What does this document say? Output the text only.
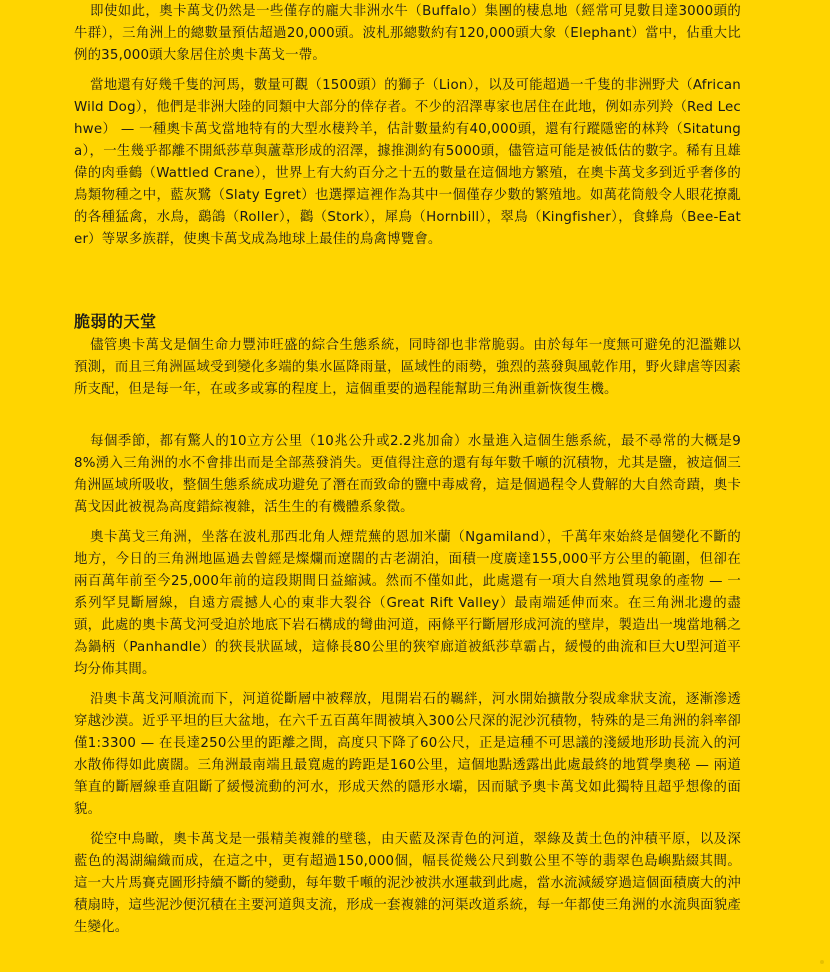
即使如此，奧卡萬戈仍然是一些僅存的龐大非洲水牛（Buffalo）集團的棲息地（經常可見數目達3000頭的牛群），三角洲上的總數量預估超過20,000頭。波札那總數約有120,000頭大象（Elephant）當中，佔重大比例的35,000頭大象居住於奧卡萬戈一帶。

當地還有好幾千隻的河馬，數量可觀（1500頭）的獅子（Lion），以及可能超過一千隻的非洲野犬（African Wild Dog），他們是非洲大陸的同類中大部分的倖存者。不少的沼澤專家也居住在此地，例如赤列羚（Red Lechwe） — 一種奧卡萬戈當地特有的大型水棲羚羊，估計數量約有40,000頭，還有行蹤隱密的林羚（Sitatunga），一生幾乎都離不開紙莎草與蘆葦形成的沼澤，據推測約有5000頭，儘管這可能是被低估的數字。稀有且雄偉的肉垂鶴（Wattled Crane），世界上有大約百分之十五的數量在這個地方繁殖，在奧卡萬戈多到近乎奢侈的鳥類物種之中，藍灰鷺（Slaty Egret）也選擇這裡作為其中一個僅存少數的繁殖地。如萬花筒般令人眼花撩亂的各種猛禽，水鳥，鷂鴿（Roller），鸛（Stork），犀鳥（Hornbill），翠鳥（Kingfisher），食蜂鳥（Bee-Eater）等眾多族群，使奧卡萬戈成為地球上最佳的鳥禽博覽會。

脆弱的天堂

儘管奧卡萬戈是個生命力豐沛旺盛的綜合生態系統，同時卻也非常脆弱。由於每年一度無可避免的氾濫難以預測，而且三角洲區域受到變化多端的集水區降雨量，區域性的雨勢，強烈的蒸發與風乾作用，野火肆虐等因素所支配，但是每一年，在或多或寡的程度上，這個重要的過程能幫助三角洲重新恢復生機。

每個季節，都有驚人的10立方公里（10兆公升或2.2兆加侖）水量進入這個生態系統，最不尋常的大概是98%湧入三角洲的水不會排出而是全部蒸發消失。更值得注意的還有每年數千噸的沉積物，尤其是鹽，被這個三角洲區域所吸收，整個生態系統成功避免了潛在而致命的鹽中毒威脅，這是個過程令人費解的大自然奇蹟，奧卡萬戈因此被視為高度錯綜複雜，活生生的有機體系象徵。

奧卡萬戈三角洲，坐落在波札那西北角人煙荒蕪的恩加米蘭（Ngamiland），千萬年來始終是個變化不斷的地方，今日的三角洲地區過去曾經是燦爛而遼闊的古老湖泊，面積一度廣達155,000平方公里的範圍，但卻在兩百萬年前至今25,000年前的這段期間日益縮減。然而不僅如此，此處還有一項大自然地質現象的產物 — 一系列罕見斷層線，自遠方震撼人心的東非大裂谷（Great Rift Valley）最南端延伸而來。在三角洲北邊的盡頭，此處的奧卡萬戈河受迫於地底下岩石構成的彎曲河道，兩條平行斷層形成河流的壁岸，製造出一塊當地稱之為鍋柄（Panhandle）的狹長狀區域，這條長80公里的狹窄廊道被紙莎草霸占，緩慢的曲流和巨大U型河道平均分佈其間。

沿奧卡萬戈河順流而下，河道從斷層中被釋放，甩開岩石的羈絆，河水開始擴散分裂成傘狀支流，逐漸滲透穿越沙漠。近乎平坦的巨大盆地，在六千五百萬年間被填入300公尺深的泥沙沉積物，特殊的是三角洲的斜率卻僅1:3300 — 在長達250公里的距離之間，高度只下降了60公尺，正是這種不可思議的淺緩地形助長流入的河水散佈得如此廣闊。三角洲最南端且最寬處的跨距是160公里，這個地點透露出此處最終的地質學奧秘 — 兩道筆直的斷層線垂直阻斷了緩慢流動的河水，形成天然的隱形水壩，因而賦予奧卡萬戈如此獨特且超乎想像的面貌。

從空中鳥瞰，奧卡萬戈是一張精美複雜的壁毯，由天藍及深青色的河道，翠綠及黃土色的沖積平原，以及深藍色的渴湖編織而成，在這之中，更有超過150,000個，幅長從幾公尺到數公里不等的翡翠色島嶼點綴其間。這一大片馬賽克圖形持續不斷的變動，每年數千噸的泥沙被洪水運載到此處，當水流減緩穿過這個面積廣大的沖積扇時，這些泥沙便沉積在主要河道與支流，形成一套複雜的河渠改道系統，每一年都使三角洲的水流與面貌產生變化。
